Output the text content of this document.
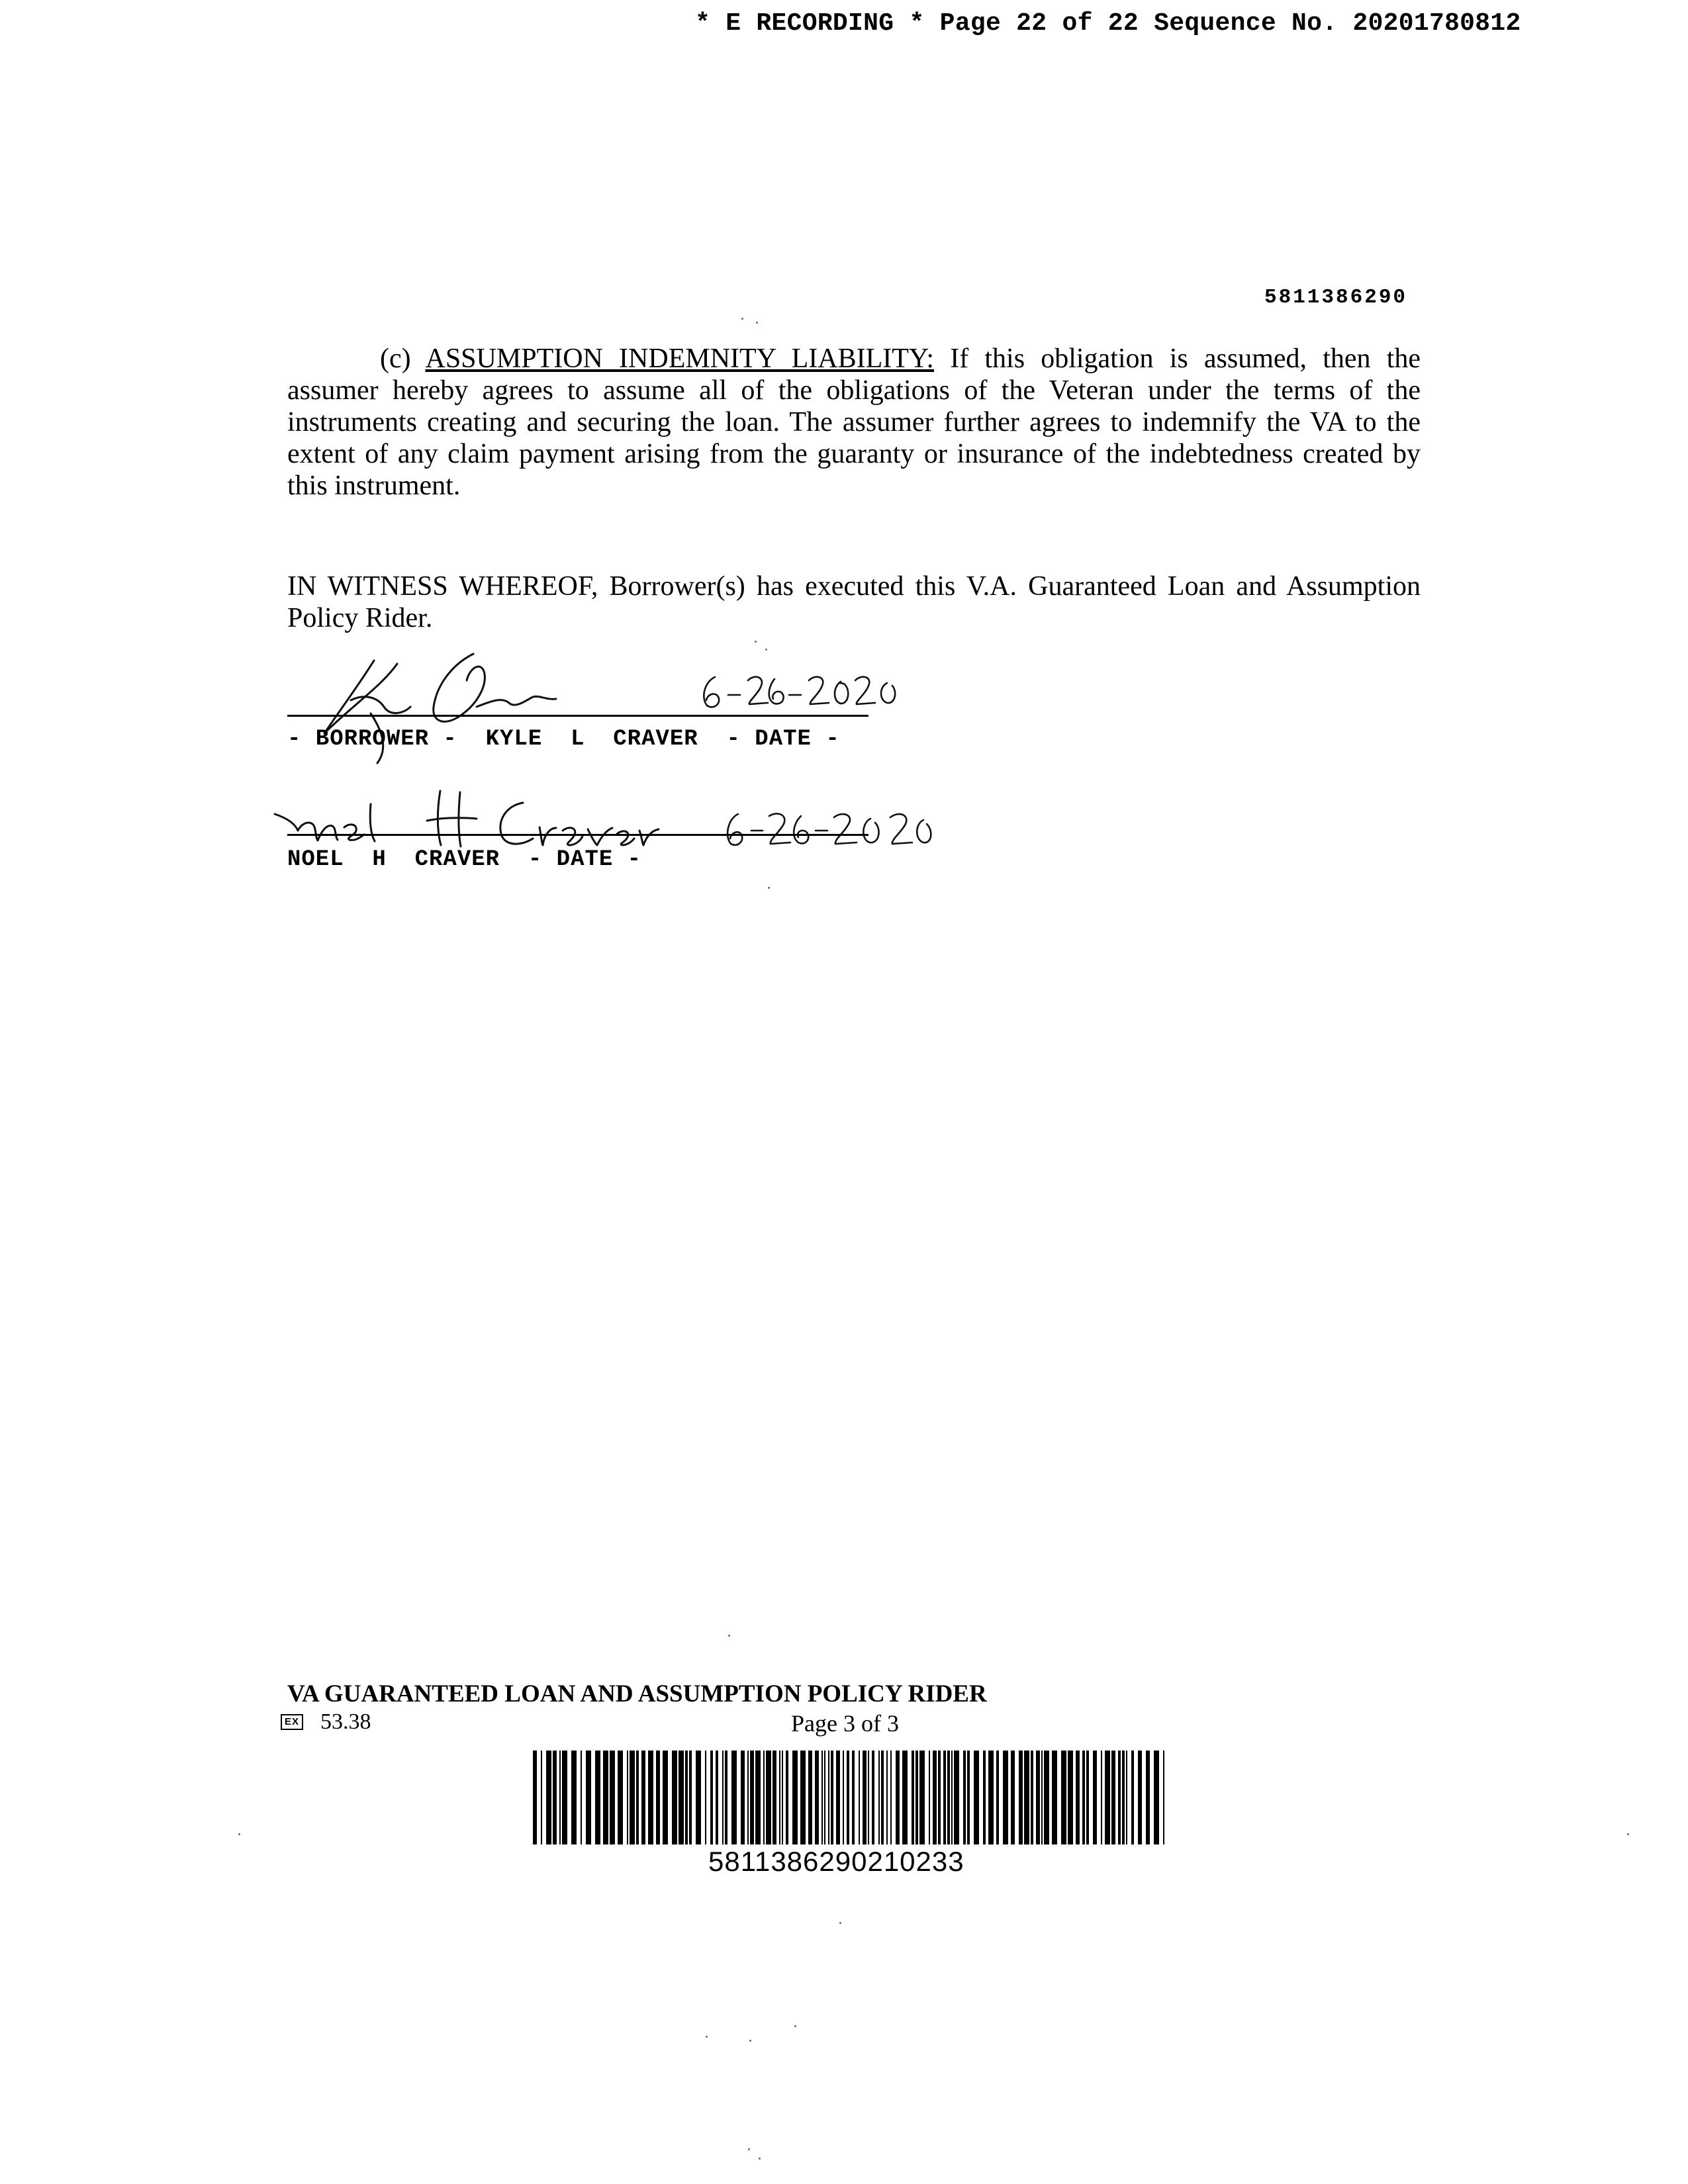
* E RECORDING * Page 22 of 22 Sequence No. 20201780812
5811386290
(c) ASSUMPTION INDEMNITY LIABILITY: If this obligation is assumed, then the assumer hereby agrees to assume all of the obligations of the Veteran under the terms of the instruments creating and securing the loan. The assumer further agrees to indemnify the VA to the extent of any claim payment arising from the guaranty or insurance of the indebtedness created by this instrument.
IN WITNESS WHEREOF, Borrower(s) has executed this V.A. Guaranteed Loan and Assumption Policy Rider.
- BORROWER -  KYLE  L  CRAVER  - DATE -
NOEL  H  CRAVER  - DATE -
VA GUARANTEED LOAN AND ASSUMPTION POLICY RIDER
EX 53.38	Page 3 of 3
5811386290210233
